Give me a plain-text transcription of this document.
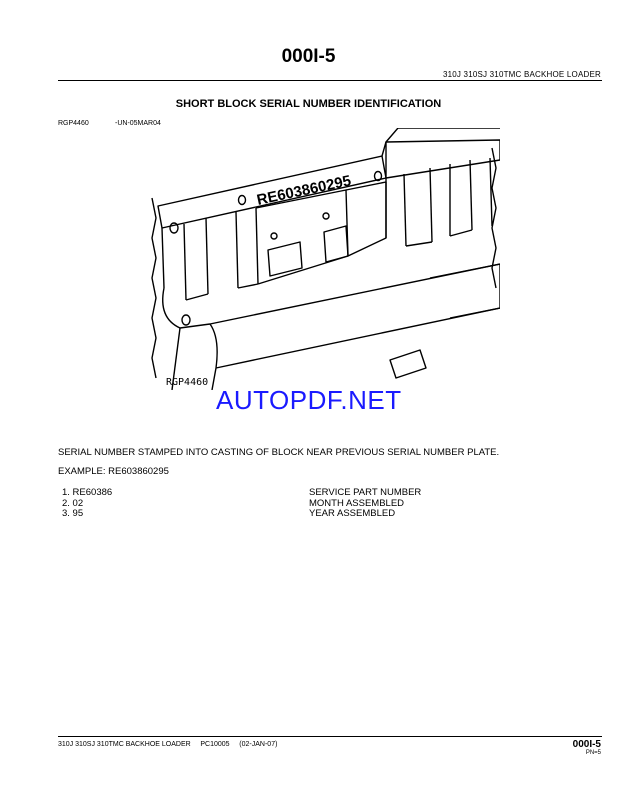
000I-5
310J 310SJ 310TMC BACKHOE LOADER
SHORT BLOCK SERIAL NUMBER IDENTIFICATION
RGP4460	-UN-05MAR04
RE603860295
RGP4460
AUTOPDF.NET
SERIAL NUMBER STAMPED INTO CASTING OF BLOCK NEAR PREVIOUS SERIAL NUMBER PLATE.
EXAMPLE: RE603860295
1. RE60386	SERVICE PART NUMBER
2. 02	MONTH ASSEMBLED
3. 95	YEAR ASSEMBLED
310J 310SJ 310TMC BACKHOE LOADER     PC10005     (02-JAN-07)	000I-5
PN=5
